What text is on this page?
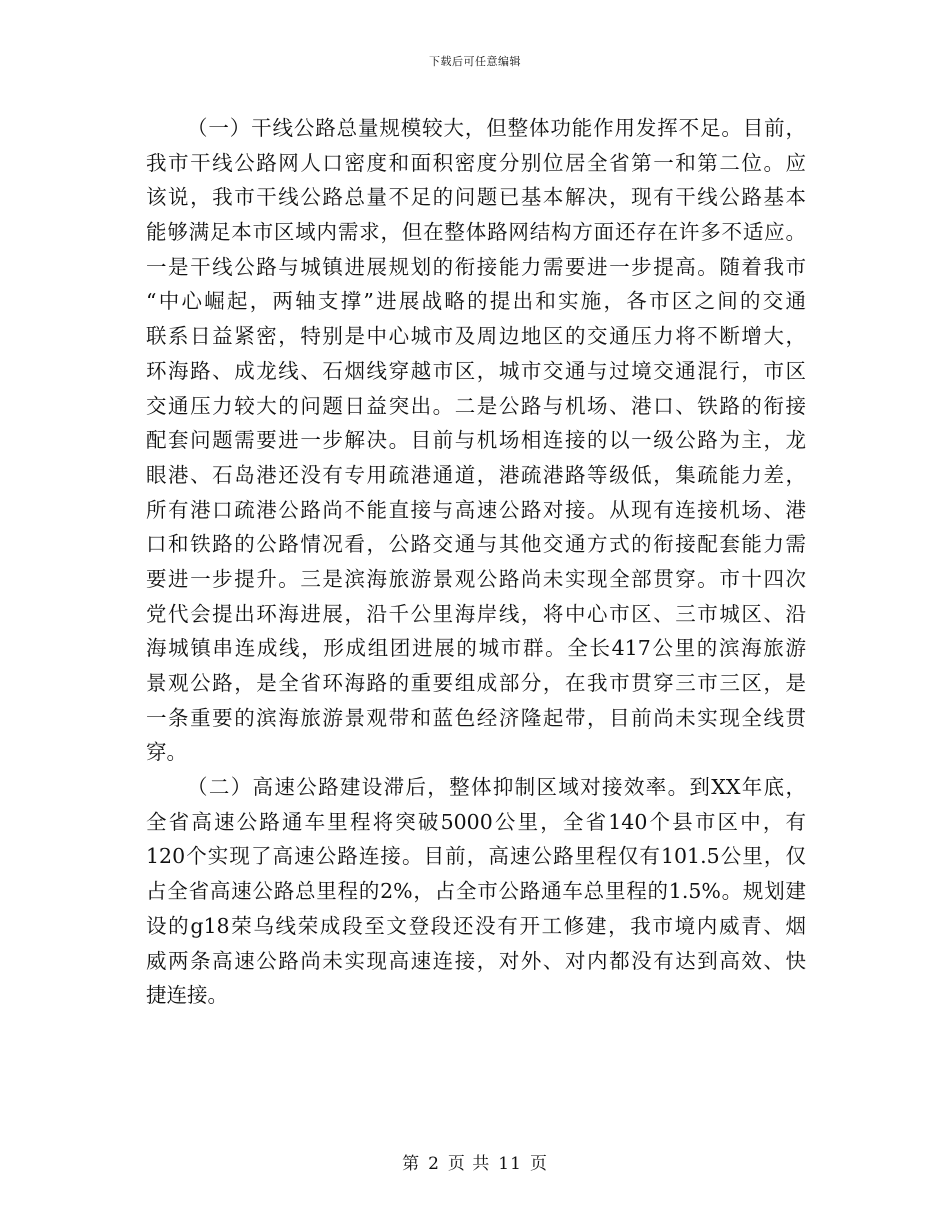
下载后可任意编辑
（一）干线公路总量规模较大，但整体功能作用发挥不足。目前，
我市干线公路网人口密度和面积密度分别位居全省第一和第二位。应
该说，我市干线公路总量不足的问题已基本解决，现有干线公路基本
能够满足本市区域内需求，但在整体路网结构方面还存在许多不适应。
一是干线公路与城镇进展规划的衔接能力需要进一步提高。随着我市
“中心崛起，两轴支撑”进展战略的提出和实施，各市区之间的交通
联系日益紧密，特别是中心城市及周边地区的交通压力将不断增大，
环海路、成龙线、石烟线穿越市区，城市交通与过境交通混行，市区
交通压力较大的问题日益突出。二是公路与机场、港口、铁路的衔接
配套问题需要进一步解决。目前与机场相连接的以一级公路为主，龙
眼港、石岛港还没有专用疏港通道，港疏港路等级低，集疏能力差，
所有港口疏港公路尚不能直接与高速公路对接。从现有连接机场、港
口和铁路的公路情况看，公路交通与其他交通方式的衔接配套能力需
要进一步提升。三是滨海旅游景观公路尚未实现全部贯穿。市十四次
党代会提出环海进展，沿千公里海岸线，将中心市区、三市城区、沿
海城镇串连成线，形成组团进展的城市群。全长417公里的滨海旅游
景观公路，是全省环海路的重要组成部分，在我市贯穿三市三区，是
一条重要的滨海旅游景观带和蓝色经济隆起带，目前尚未实现全线贯
穿。
（二）高速公路建设滞后，整体抑制区域对接效率。到XX年底，
全省高速公路通车里程将突破5000公里，全省140个县市区中，有
120个实现了高速公路连接。目前，高速公路里程仅有101.5公里，仅
占全省高速公路总里程的2%，占全市公路通车总里程的1.5%。规划建
设的g18荣乌线荣成段至文登段还没有开工修建，我市境内威青、烟
威两条高速公路尚未实现高速连接，对外、对内都没有达到高效、快
捷连接。
第 2 页 共 11 页
